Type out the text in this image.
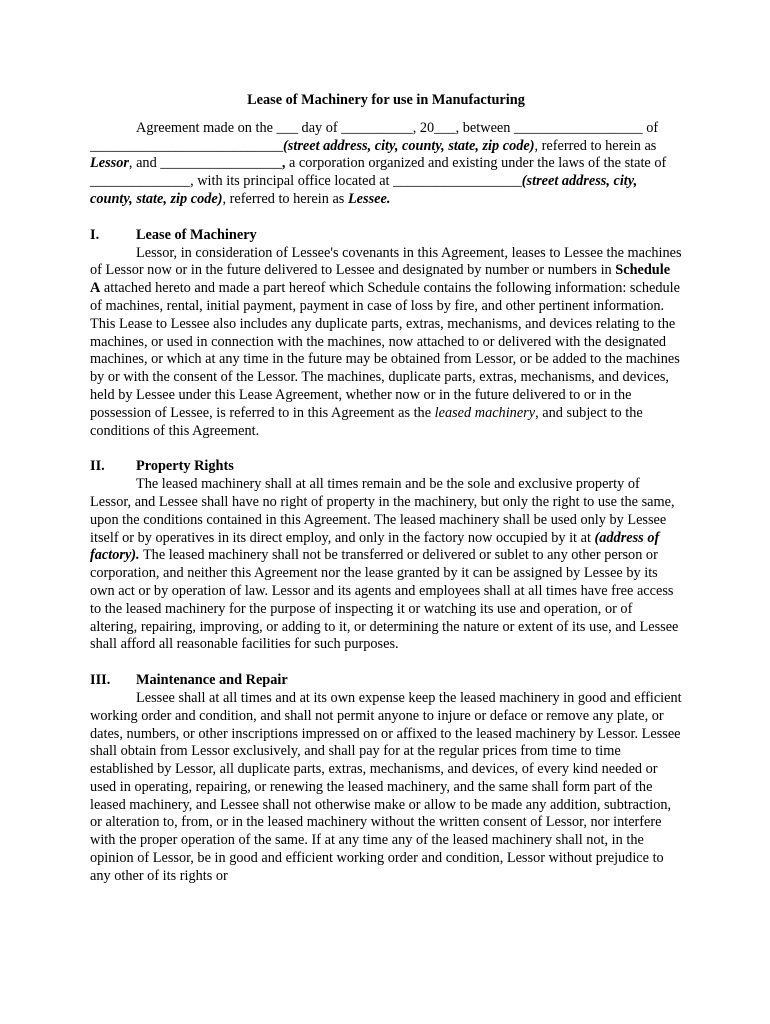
Lease of Machinery for use in Manufacturing

Agreement made on the ___ day of __________, 20___, between __________________ of ___________________________(street address, city, county, state, zip code), referred to herein as Lessor, and _________________, a corporation organized and existing under the laws of the state of ______________, with its principal office located at __________________(street address, city, county, state, zip code), referred to herein as Lessee.

I.	Lease of Machinery

Lessor, in consideration of Lessee's covenants in this Agreement, leases to Lessee the machines of Lessor now or in the future delivered to Lessee and designated by number or numbers in Schedule A attached hereto and made a part hereof which Schedule contains the following information: schedule of machines, rental, initial payment, payment in case of loss by fire, and other pertinent information. This Lease to Lessee also includes any duplicate parts, extras, mechanisms, and devices relating to the machines, or used in connection with the machines, now attached to or delivered with the designated machines, or which at any time in the future may be obtained from Lessor, or be added to the machines by or with the consent of the Lessor. The machines, duplicate parts, extras, mechanisms, and devices, held by Lessee under this Lease Agreement, whether now or in the future delivered to or in the possession of Lessee, is referred to in this Agreement as the leased machinery, and subject to the conditions of this Agreement.

II. Property Rights

The leased machinery shall at all times remain and be the sole and exclusive property of Lessor, and Lessee shall have no right of property in the machinery, but only the right to use the same, upon the conditions contained in this Agreement. The leased machinery shall be used only by Lessee itself or by operatives in its direct employ, and only in the factory now occupied by it at (address of factory). The leased machinery shall not be transferred or delivered or sublet to any other person or corporation, and neither this Agreement nor the lease granted by it can be assigned by Lessee by its own act or by operation of law. Lessor and its agents and employees shall at all times have free access to the leased machinery for the purpose of inspecting it or watching its use and operation, or of altering, repairing, improving, or adding to it, or determining the nature or extent of its use, and Lessee shall afford all reasonable facilities for such purposes.

III. Maintenance and Repair

Lessee shall at all times and at its own expense keep the leased machinery in good and efficient working order and condition, and shall not permit anyone to injure or deface or remove any plate, or dates, numbers, or other inscriptions impressed on or affixed to the leased machinery by Lessor. Lessee shall obtain from Lessor exclusively, and shall pay for at the regular prices from time to time established by Lessor, all duplicate parts, extras, mechanisms, and devices, of every kind needed or used in operating, repairing, or renewing the leased machinery, and the same shall form part of the leased machinery, and Lessee shall not otherwise make or allow to be made any addition, subtraction, or alteration to, from, or in the leased machinery without the written consent of Lessor, nor interfere with the proper operation of the same. If at any time any of the leased machinery shall not, in the opinion of Lessor, be in good and efficient working order and condition, Lessor without prejudice to any other of its rights or
